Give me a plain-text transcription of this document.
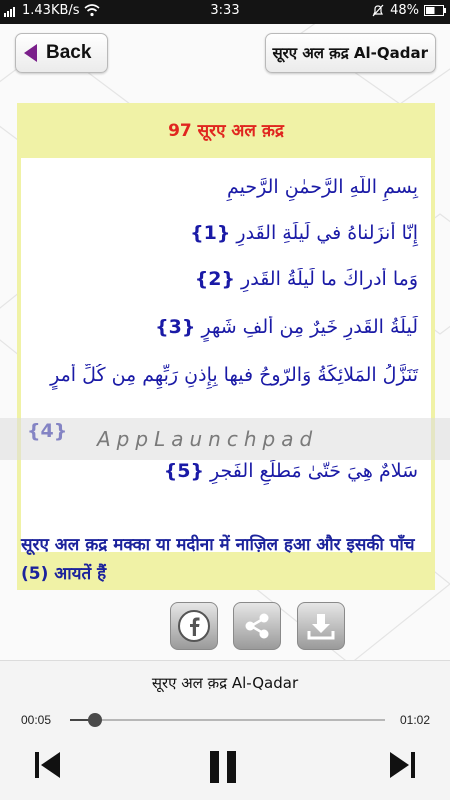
1.43KB/s	3:33	48%
Back	सूरए अल क़द्र Al-Qadar
97 सूरए अल क़द्र
بِسمِ اللَّهِ الرَّحمٰنِ الرَّحيمِ
إِنّا أَنزَلناهُ في لَيلَةِ القَدرِ {1}
وَما أَدراكَ ما لَيلَةُ القَدرِ {2}
لَيلَةُ القَدرِ خَيرٌ مِن أَلفِ شَهرٍ {3}
تَنَزَّلُ المَلائِكَةُ وَالرّوحُ فيها بِإِذنِ رَبِّهِم مِن كُلِّ أَمرٍ
سَلامٌ هِيَ حَتّىٰ مَطلَعِ الفَجرِ {5}
सूरए अल क़द्र मक्का या मदीना में नाज़िल हआ और इसकी पाँच (5) आयतें हैं
AppLaunchpad
सूरए अल क़द्र Al-Qadar
00:05	01:02
